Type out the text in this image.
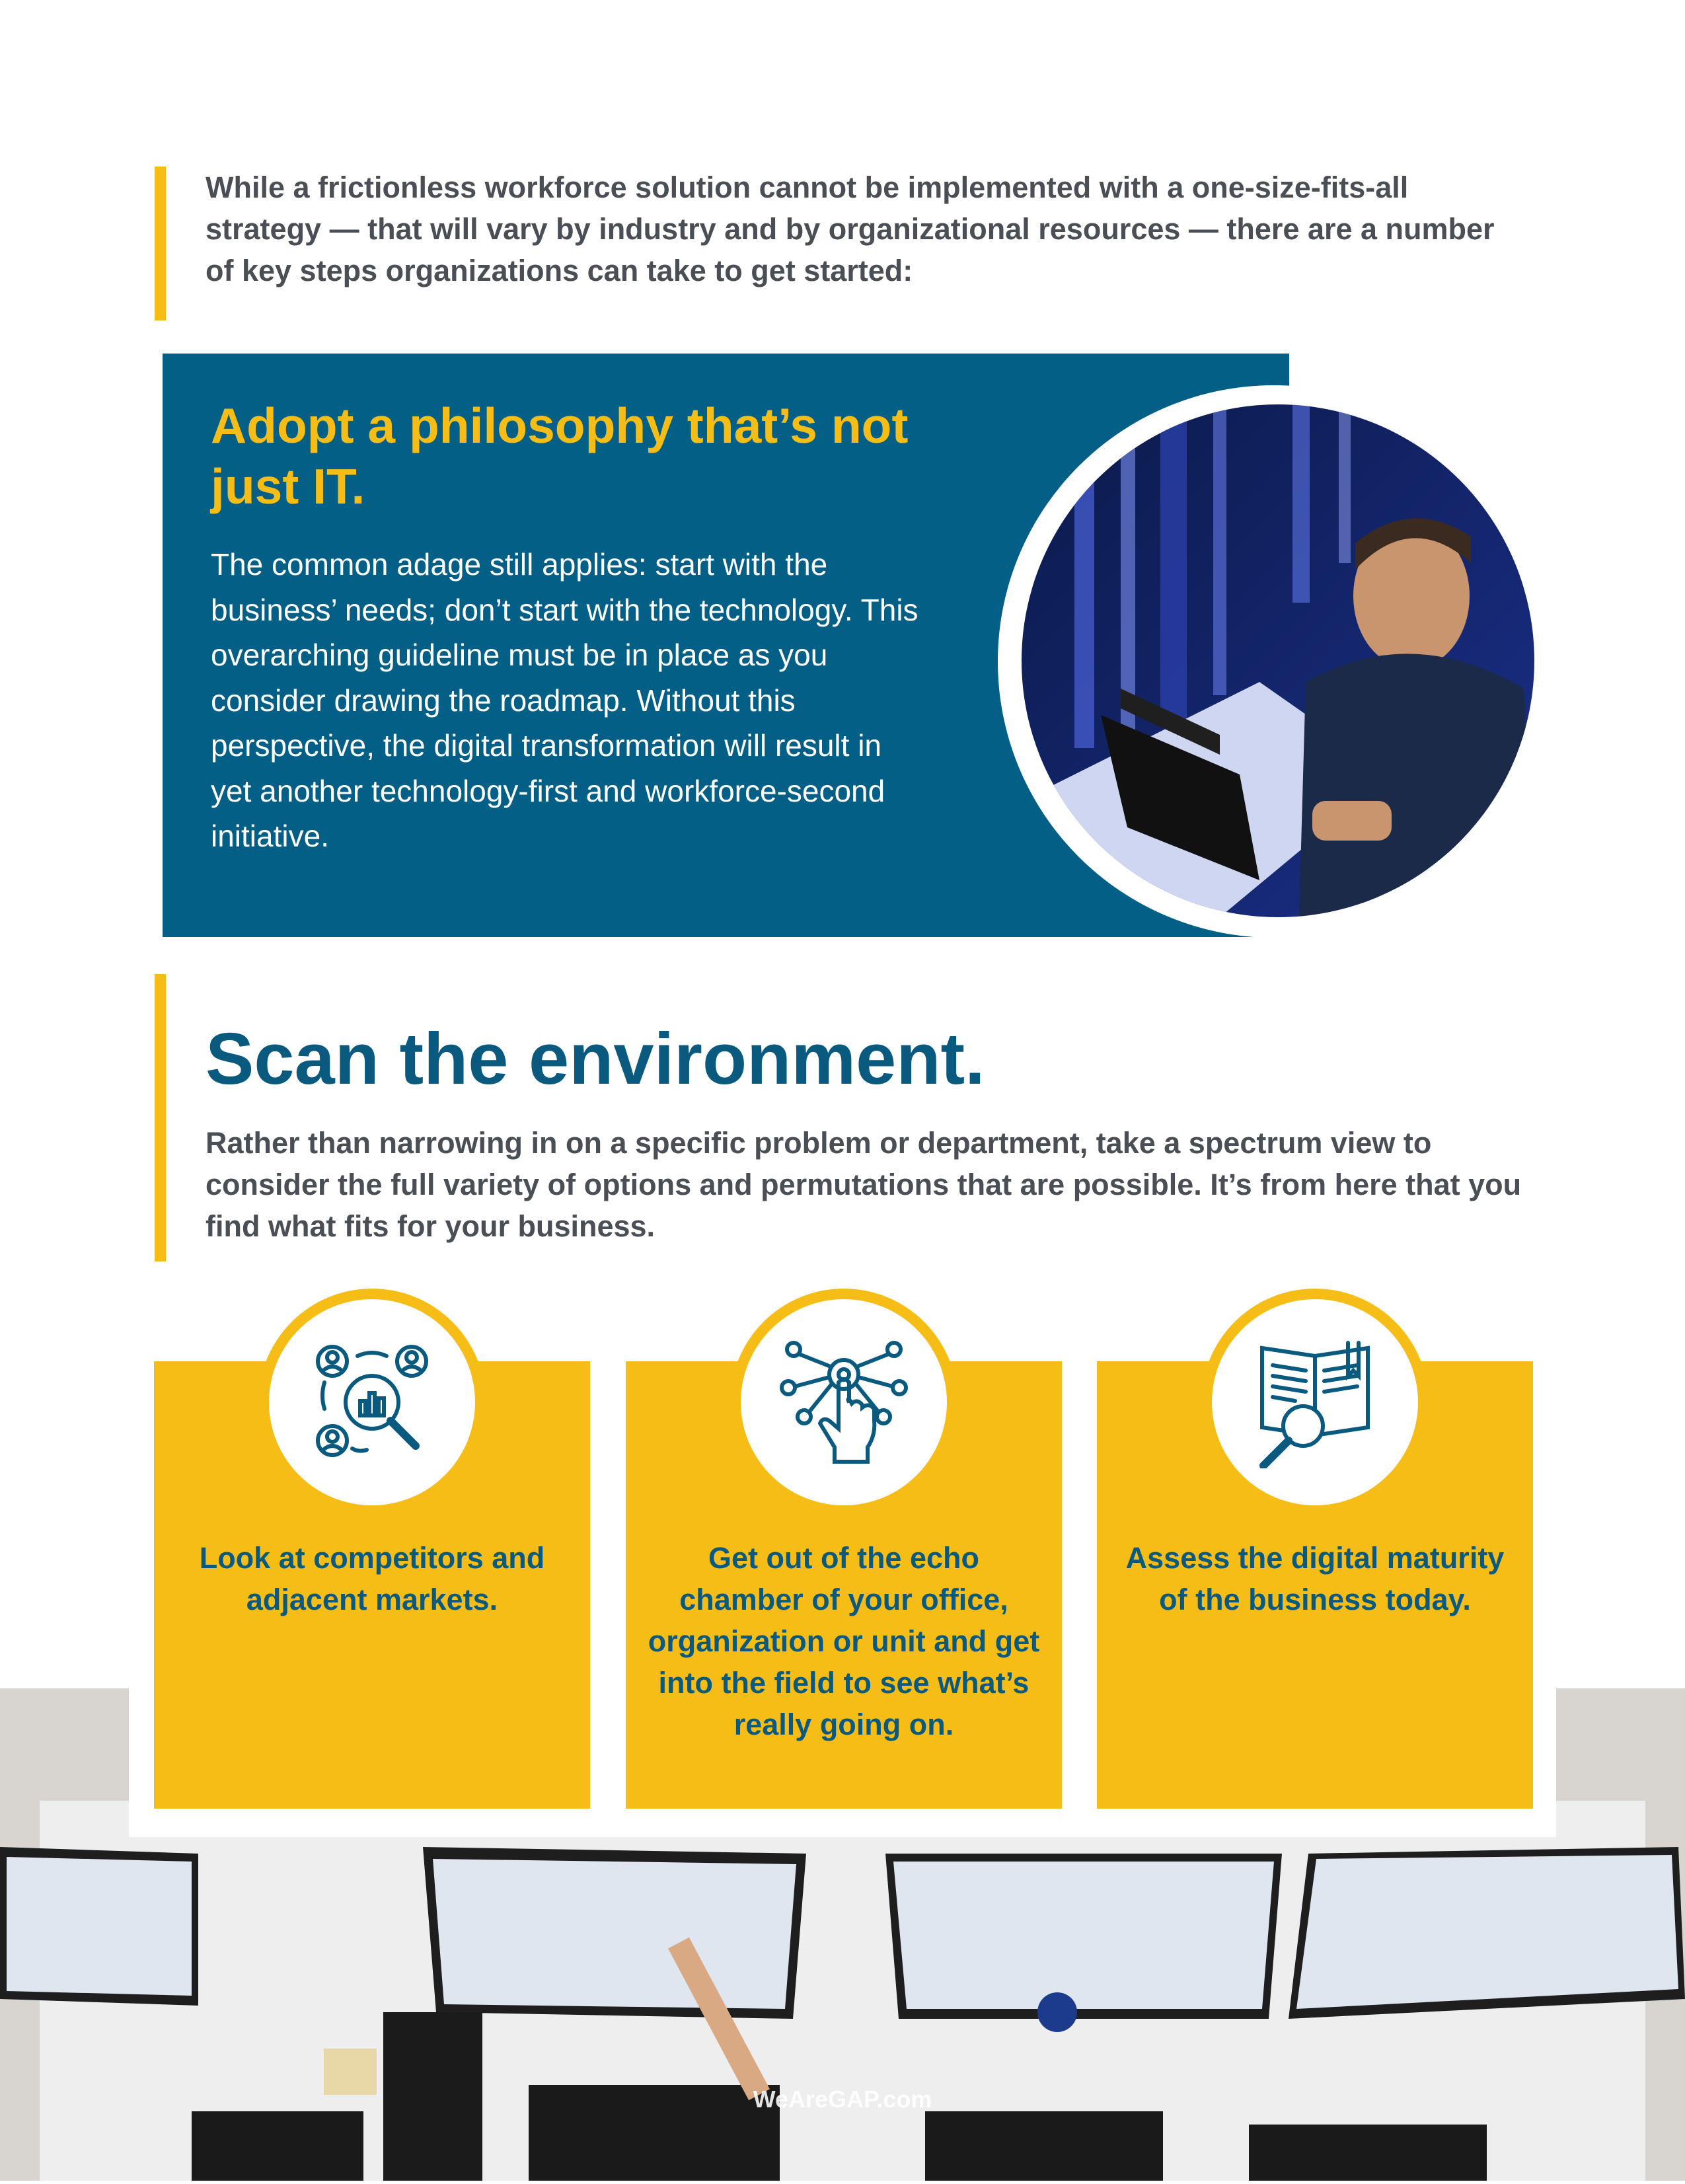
While a frictionless workforce solution cannot be implemented with a one-size-fits-all strategy — that will vary by industry and by organizational resources — there are a number of key steps organizations can take to get started:
Adopt a philosophy that’s not just IT.
The common adage still applies: start with the business’ needs; don’t start with the technology. This overarching guideline must be in place as you consider drawing the roadmap. Without this perspective, the digital transformation will result in yet another technology-first and workforce-second initiative.
Scan the environment.
Rather than narrowing in on a specific problem or department, take a spectrum view to consider the full variety of options and permutations that are possible. It’s from here that you find what fits for your business.
Look at competitors and adjacent markets.
Get out of the echo chamber of your office, organization or unit and get into the field to see what’s really going on.
Assess the digital maturity of the business today.
WeAreGAP.com
